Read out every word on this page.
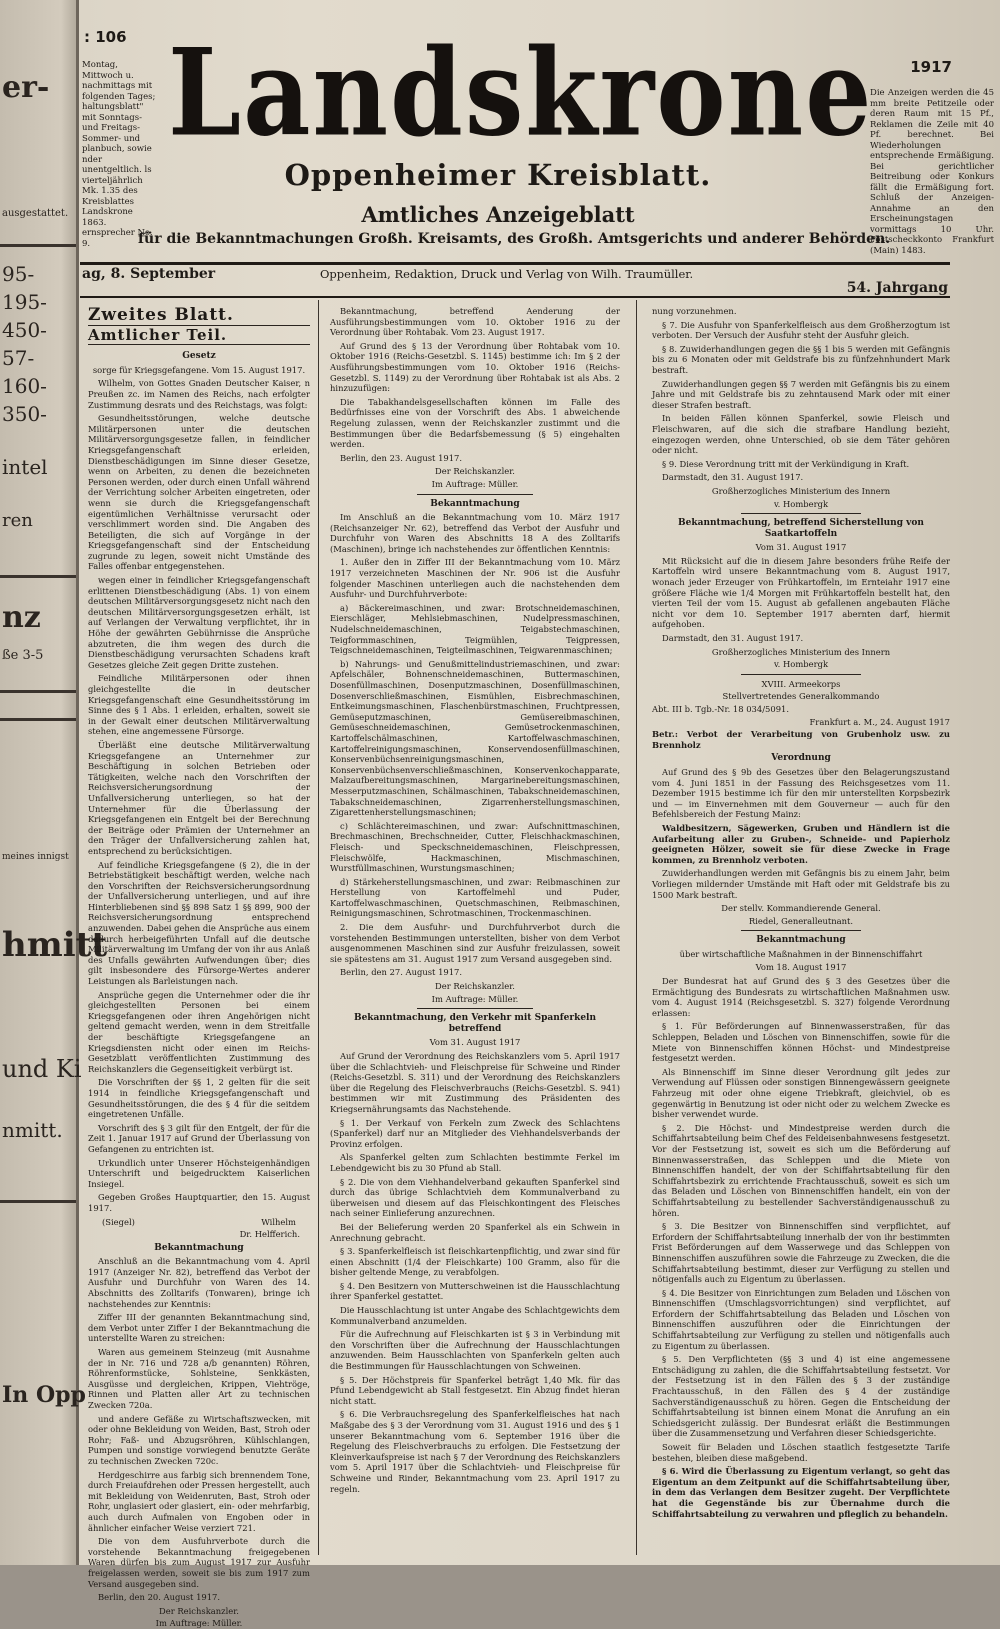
er-
ausgestattet.
95-
195-
450-
57-
160-
350-
intel
ren
nz
ße 3-5
meines innigst
hmitt
und Ki
nmitt.
In Opp
: 106
Montag, Mittwoch u. nachmittags mit folgenden Tages; haltungsblatt" mit Sonntags- und Freitags-Sommer- und planbuch, sowie nder unentgeltlich. ls vierteljährlich Mk. 1.35 des Kreisblattes Landskrone 1863. ernsprecher No. 9.
1917
Die Anzeigen werden die 45 mm breite Petitzeile oder deren Raum mit 15 Pf., Reklamen die Zeile mit 40 Pf. berechnet. Bei Wiederholungen entsprechende Ermäßigung. Bei gerichtlicher Beitreibung oder Konkurs fällt die Ermäßigung fort. Schluß der Anzeigen-Annahme an den Erscheinungstagen vormittags 10 Uhr. Postscheckkonto Frankfurt (Main) 1483.
Landskrone
Oppenheimer Kreisblatt.
Amtliches Anzeigeblatt
für die Bekanntmachungen Großh. Kreisamts, des Großh. Amtsgerichts und anderer Behörden.
ag, 8. September	Oppenheim, Redaktion, Druck und Verlag von Wilh. Traumüller.
54. Jahrgang
Zweites Blatt.
Amtlicher Teil.
Gesetz
sorge für Kriegsgefangene. Vom 15. August 1917.

Wilhelm, von Gottes Gnaden Deutscher Kaiser, n Preußen zc. im Namen des Reichs, nach erfolgter Zustimmung desrats und des Reichstags, was folgt:

Gesundheitsstörungen, welche deutsche Militärpersonen unter die deutschen Militärversorgungsgesetze fallen, in feindlicher Kriegsgefangenschaft erleiden, Dienstbeschädigungen im Sinne dieser Gesetze, wenn on Arbeiten, zu denen die bezeichneten Personen werden, oder durch einen Unfall während der Verrichtung solcher Arbeiten eingetreten, oder wenn sie durch die Kriegsgefangenschaft eigentümlichen Verhältnisse verursacht oder verschlimmert worden sind. Die Angaben des Beteiligten, die sich auf Vorgänge in der Kriegsgefangenschaft sind der Entscheidung zugrunde zu legen, soweit nicht Umstände des Falles offenbar entgegenstehen.

wegen einer in feindlicher Kriegsgefangenschaft erlittenen Dienstbeschädigung (Abs. 1) von einem deutschen Militärversorgungsgesetz nicht nach den deutschen Militärversorgungsgesetzen erhält, ist auf Verlangen der Verwaltung verpflichtet, ihr in Höhe der gewährten Gebührnisse die Ansprüche abzutreten, die ihm wegen des durch die Dienstbeschädigung verursachten Schadens kraft Gesetzes gleiche Zeit gegen Dritte zustehen.

Feindliche Militärpersonen oder ihnen gleichgestellte die in deutscher Kriegsgefangenschaft eine Gesundheitsstörung im Sinne des § 1 Abs. 1 erleiden, erhalten, soweit sie in der Gewalt einer deutschen Militärverwaltung stehen, eine angemessene Fürsorge.

Überläßt eine deutsche Militärverwaltung Kriegsgefangene an Unternehmer zur Beschäftigung in solchen Betrieben oder Tätigkeiten, welche nach den Vorschriften der Reichsversicherungsordnung der Unfallversicherung unterliegen, so hat der Unternehmer für die Überlassung der Kriegsgefangenen ein Entgelt bei der Berechnung der Beiträge oder Prämien der Unternehmer an den Träger der Unfallversicherung zahlen hat, entsprechend zu berücksichtigen.

Auf feindliche Kriegsgefangene (§ 2), die in der Betriebstätigkeit beschäftigt werden, welche nach den Vorschriften der Reichsversicherungsordnung der Unfallversicherung unterliegen, und auf ihre Hinterbliebenen sind §§ 898 Satz 1 §§ 899, 900 der Reichsversicherungsordnung entsprechend anzuwenden. Dabei gehen die Ansprüche aus einem dadurch herbeigeführten Unfall auf die deutsche Militärverwaltung im Umfang der von ihr aus Anlaß des Unfalls gewährten Aufwendungen über; dies gilt insbesondere des Fürsorge-Wertes anderer Leistungen als Barleistungen nach.

Ansprüche gegen die Unternehmer oder die ihr gleichgestellten Personen bei einem Kriegsgefangenen oder ihren Angehörigen nicht geltend gemacht werden, wenn in dem Streitfalle der beschäftigte Kriegsgefangene an Kriegsdiensten nicht oder einen im Reichs-Gesetzblatt veröffentlichten Zustimmung des Reichskanzlers die Gegenseitigkeit verbürgt ist.

Die Vorschriften der §§ 1, 2 gelten für die seit 1914 in feindliche Kriegsgefangenschaft und Gesundheitsstörungen, die des § 4 für die seitdem eingetretenen Unfälle.

Vorschrift des § 3 gilt für den Entgelt, der für die Zeit 1. Januar 1917 auf Grund der Überlassung von Gefangenen zu entrichten ist.

Urkundlich unter Unserer Höchsteigenhändigen Unterschrift und beigedrucktem Kaiserlichen Insiegel.

Gegeben Großes Hauptquartier, den 15. August 1917.

(Siegel)	Wilhelm
Dr. Helfferich.
Bekanntmachung

Anschluß an die Bekanntmachung vom 4. April 1917 (Anzeiger Nr. 82), betreffend das Verbot der Ausfuhr und Durchfuhr von Waren des 14. Abschnitts des Zolltarifs (Tonwaren), bringe ich nachstehendes zur Kenntnis:

Ziffer III der genannten Bekanntmachung sind, dem Verbot unter Ziffer I der Bekanntmachung die unterstellte Waren zu streichen:

Waren aus gemeinem Steinzeug (mit Ausnahme der in Nr. 716 und 728 a/b genannten) Röhren, Röhrenformstücke, Sohlsteine, Senkkästen, Ausgüsse und dergleichen, Krippen, Viehtröge, Rinnen und Platten aller Art zu technischen Zwecken 720a.

und andere Gefäße zu Wirtschaftszwecken, mit oder ohne Bekleidung von Weiden, Bast, Stroh oder Rohr; Faß- und Abzugsröhren, Kühlschlangen, Pumpen und sonstige vorwiegend benutzte Geräte zu technischen Zwecken 720c.

Herdgeschirre aus farbig sich brennendem Tone, durch Freiaufdrehen oder Pressen hergestellt, auch mit Bekleidung von Weidenruten, Bast, Stroh oder Rohr, unglasiert oder glasiert, ein- oder mehrfarbig, auch durch Aufmalen von Engoben oder in ähnlicher einfacher Weise verziert 721.

Die von dem Ausfuhrverbote durch die vorstehende Bekanntmachung freigegebenen Waren dürfen bis zum August 1917 zur Ausfuhr freigelassen werden, soweit sie bis zum 1917 zum Versand ausgegeben sind.

Berlin, den 20. August 1917.

Der Reichskanzler.
Im Auftrage: Müller.

Bekanntmachung, betreffend Aenderung der Ausführungsbestimmungen vom 10. Oktober 1916 zu der Verordnung über Rohtabak. Vom 23. August 1917.

Auf Grund des § 13 der Verordnung über Rohtabak vom 10. Oktober 1916 (Reichs-Gesetzbl. S. 1145) bestimme ich: Im § 2 der Ausführungsbestimmungen vom 10. Oktober 1916 (Reichs-Gesetzbl. S. 1149) zu der Verordnung über Rohtabak ist als Abs. 2 hinzuzufügen:

Die Tabakhandelsgesellschaften können im Falle des Bedürfnisses eine von der Vorschrift des Abs. 1 abweichende Regelung zulassen, wenn der Reichskanzler zustimmt und die Bestimmungen über die Bedarfsbemessung (§ 5) eingehalten werden.

Berlin, den 23. August 1917.

Der Reichskanzler.
Im Auftrage: Müller.
Bekanntmachung

Im Anschluß an die Bekanntmachung vom 10. März 1917 (Reichsanzeiger Nr. 62), betreffend das Verbot der Ausfuhr und Durchfuhr von Waren des Abschnitts 18 A des Zolltarifs (Maschinen), bringe ich nachstehendes zur öffentlichen Kenntnis:

1. Außer den in Ziffer III der Bekanntmachung vom 10. März 1917 verzeichneten Maschinen der Nr. 906 ist die Ausfuhr folgender Maschinen unterliegen auch die nachstehenden dem Ausfuhr- und Durchfuhrverbote:

a) Bäckereimaschinen, und zwar: Brotschneidemaschinen, Eierschläger, Mehlsiebmaschinen, Nudelpressmaschinen, Nudelschneidemaschinen, Teigabstechmaschinen, Teigformmaschinen, Teigmühlen, Teigpressen, Teigschneidemaschinen, Teigteilmaschinen, Teigwarenmaschinen;

b) Nahrungs- und Genußmittelindustriemaschinen, und zwar: Apfelschäler, Bohnenschneidemaschinen, Buttermaschinen, Dosenfüllmaschinen, Dosenputzmaschinen, Dosenfüllmaschinen, Dosenverschließmaschinen, Eismühlen, Eisbrechmaschinen, Entkeimungsmaschinen, Flaschenbürstmaschinen, Fruchtpressen, Gemüseputzmaschinen, Gemüsereibmaschinen, Gemüseschneidemaschinen, Gemüsetrockenmaschinen, Kartoffelschälmaschinen, Kartoffelwaschmaschinen, Kartoffelreinigungsmaschinen, Konservendosenfüllmaschinen, Konservenbüchsenreinigungsmaschinen, Konservenbüchsenverschließmaschinen, Konservenkochapparate, Malzaufbereitungsmaschinen, Margarinebereitungsmaschinen, Messerputzmaschinen, Schälmaschinen, Tabakschneidemaschinen, Tabakschneidemaschinen, Zigarrenherstellungsmaschinen, Zigarettenherstellungsmaschinen;

c) Schlächtereimaschinen, und zwar: Aufschnittmaschinen, Brechmaschinen, Brechschneider, Cutter, Fleischhackmaschinen, Fleisch- und Speckschneidemaschinen, Fleischpressen, Fleischwölfe, Hackmaschinen, Mischmaschinen, Wurstfüllmaschinen, Wurstungsmaschinen;

d) Stärkeherstellungsmaschinen, und zwar: Reibmaschinen zur Herstellung von Kartoffelmehl und Puder, Kartoffelwaschmaschinen, Quetschmaschinen, Reibmaschinen, Reinigungsmaschinen, Schrotmaschinen, Trockenmaschinen.

2. Die dem Ausfuhr- und Durchfuhrverbot durch die vorstehenden Bestimmungen unterstellten, bisher von dem Verbot ausgenommenen Maschinen sind zur Ausfuhr freizulassen, soweit sie spätestens am 31. August 1917 zum Versand ausgegeben sind.

Berlin, den 27. August 1917.

Der Reichskanzler.
Im Auftrage: Müller.
Bekanntmachung, den Verkehr mit Spanferkeln betreffend
Vom 31. August 1917

Auf Grund der Verordnung des Reichskanzlers vom 5. April 1917 über die Schlachtvieh- und Fleischpreise für Schweine und Rinder (Reichs-Gesetzbl. S. 311) und der Verordnung des Reichskanzlers über die Regelung des Fleischverbrauchs (Reichs-Gesetzbl. S. 941) bestimmen wir mit Zustimmung des Präsidenten des Kriegsernährungsamts das Nachstehende.

§ 1. Der Verkauf von Ferkeln zum Zweck des Schlachtens (Spanferkel) darf nur an Mitglieder des Viehhandelsverbands der Provinz erfolgen.

Als Spanferkel gelten zum Schlachten bestimmte Ferkel im Lebendgewicht bis zu 30 Pfund ab Stall.

§ 2. Die von dem Viehhandelverband gekauften Spanferkel sind durch das übrige Schlachtvieh dem Kommunalverband zu überweisen und diesem auf das Fleischkontingent des Fleisches nach seiner Einlieferung anzurechnen.

Bei der Belieferung werden 20 Spanferkel als ein Schwein in Anrechnung gebracht.

§ 3. Spanferkelfleisch ist fleischkartenpflichtig, und zwar sind für einen Abschnitt (1/4 der Fleischkarte) 100 Gramm, also für die bisher geltende Menge, zu verabfolgen.

§ 4. Den Besitzern von Mutterschweinen ist die Hausschlachtung ihrer Spanferkel gestattet.

Die Hausschlachtung ist unter Angabe des Schlachtgewichts dem Kommunalverband anzumelden.

Für die Aufrechnung auf Fleischkarten ist § 3 in Verbindung mit den Vorschriften über die Aufrechnung der Hausschlachtungen anzuwenden. Beim Hausschlachten von Spanferkeln gelten auch die Bestimmungen für Hausschlachtungen von Schweinen.

§ 5. Der Höchstpreis für Spanferkel beträgt 1,40 Mk. für das Pfund Lebendgewicht ab Stall festgesetzt. Ein Abzug findet hieran nicht statt.

§ 6. Die Verbrauchsregelung des Spanferkelfleisches hat nach Maßgabe des § 3 der Verordnung vom 31. August 1916 und des § 1 unserer Bekanntmachung vom 6. September 1916 über die Regelung des Fleischverbrauchs zu erfolgen. Die Festsetzung der Kleinverkaufspreise ist nach § 7 der Verordnung des Reichskanzlers vom 5. April 1917 über die Schlachtvieh- und Fleischpreise für Schweine und Rinder, Bekanntmachung vom 23. April 1917 zu regeln.

nung vorzunehmen.

§ 7. Die Ausfuhr von Spanferkelfleisch aus dem Großherzogtum ist verboten. Der Versuch der Ausfuhr steht der Ausfuhr gleich.

§ 8. Zuwiderhandlungen gegen die §§ 1 bis 5 werden mit Gefängnis bis zu 6 Monaten oder mit Geldstrafe bis zu fünfzehnhundert Mark bestraft.

Zuwiderhandlungen gegen §§ 7 werden mit Gefängnis bis zu einem Jahre und mit Geldstrafe bis zu zehntausend Mark oder mit einer dieser Strafen bestraft.

In beiden Fällen können Spanferkel, sowie Fleisch und Fleischwaren, auf die sich die strafbare Handlung bezieht, eingezogen werden, ohne Unterschied, ob sie dem Täter gehören oder nicht.

§ 9. Diese Verordnung tritt mit der Verkündigung in Kraft.

Darmstadt, den 31. August 1917.

Großherzogliches Ministerium des Innern
v. Hombergk
Bekanntmachung, betreffend Sicherstellung von Saatkartoffeln
Vom 31. August 1917

Mit Rücksicht auf die in diesem Jahre besonders frühe Reife der Kartoffeln wird unsere Bekanntmachung vom 8. August 1917, wonach jeder Erzeuger von Frühkartoffeln, im Ernteiahr 1917 eine größere Fläche wie 1/4 Morgen mit Frühkartoffeln bestellt hat, den vierten Teil der vom 15. August ab gefallenen angebauten Fläche nicht vor dem 10. September 1917 abernten darf, hiermit aufgehoben.

Darmstadt, den 31. August 1917.

Großherzogliches Ministerium des Innern
v. Hombergk
XVIII. Armeekorps
Stellvertretendes Generalkommando
Abt. III b. Tgb.-Nr. 18 034/5091.
Frankfurt a. M., 24. August 1917

Betr.: Verbot der Verarbeitung von Grubenholz usw. zu Brennholz

Verordnung

Auf Grund des § 9b des Gesetzes über den Belagerungszustand vom 4. Juni 1851 in der Fassung des Reichsgesetzes vom 11. Dezember 1915 bestimme ich für den mir unterstellten Korpsbezirk und — im Einvernehmen mit dem Gouverneur — auch für den Befehlsbereich der Festung Mainz:

Waldbesitzern, Sägewerken, Gruben und Händlern ist die Aufarbeitung aller zu Gruben-, Schneide- und Papierholz geeigneten Hölzer, soweit sie für diese Zwecke in Frage kommen, zu Brennholz verboten.

Zuwiderhandlungen werden mit Gefängnis bis zu einem Jahr, beim Vorliegen mildernder Umstände mit Haft oder mit Geldstrafe bis zu 1500 Mark bestraft.

Der stellv. Kommandierende General.
Riedel, Generalleutnant.
Bekanntmachung
über wirtschaftliche Maßnahmen in der Binnenschiffahrt
Vom 18. August 1917

Der Bundesrat hat auf Grund des § 3 des Gesetzes über die Ermächtigung des Bundesrats zu wirtschaftlichen Maßnahmen usw. vom 4. August 1914 (Reichsgesetzbl. S. 327) folgende Verordnung erlassen:

§ 1. Für Beförderungen auf Binnenwasserstraßen, für das Schleppen, Beladen und Löschen von Binnenschiffen, sowie für die Miete von Binnenschiffen können Höchst- und Mindestpreise festgesetzt werden.

Als Binnenschiff im Sinne dieser Verordnung gilt jedes zur Verwendung auf Flüssen oder sonstigen Binnengewässern geeignete Fahrzeug mit oder ohne eigene Triebkraft, gleichviel, ob es gegenwärtig in Benutzung ist oder nicht oder zu welchem Zwecke es bisher verwendet wurde.

§ 2. Die Höchst- und Mindestpreise werden durch die Schiffahrtsabteilung beim Chef des Feldeisenbahnwesens festgesetzt. Vor der Festsetzung ist, soweit es sich um die Beförderung auf Binnenwasserstraßen, das Schleppen und die Miete von Binnenschiffen handelt, der von der Schiffahrtsabteilung für den Schiffahrtsbezirk zu errichtende Frachtausschuß, soweit es sich um das Beladen und Löschen von Binnenschiffen handelt, ein von der Schiffahrtsabteilung zu bestellender Sachverständigenausschuß zu hören.

§ 3. Die Besitzer von Binnenschiffen sind verpflichtet, auf Erfordern der Schiffahrtsabteilung innerhalb der von ihr bestimmten Frist Beförderungen auf dem Wasserwege und das Schleppen von Binnenschiffen auszuführen sowie die Fahrzeuge zu Zwecken, die die Schiffahrtsabteilung bestimmt, dieser zur Verfügung zu stellen und nötigenfalls auch zu Eigentum zu überlassen.

§ 4. Die Besitzer von Einrichtungen zum Beladen und Löschen von Binnenschiffen (Umschlagsvorrichtungen) sind verpflichtet, auf Erfordern der Schiffahrtsabteilung das Beladen und Löschen von Binnenschiffen auszuführen oder die Einrichtungen der Schiffahrtsabteilung zur Verfügung zu stellen und nötigenfalls auch zu Eigentum zu überlassen.

§ 5. Den Verpflichteten (§§ 3 und 4) ist eine angemessene Entschädigung zu zahlen, die die Schiffahrtsabteilung festsetzt. Vor der Festsetzung ist in den Fällen des § 3 der zuständige Frachtausschuß, in den Fällen des § 4 der zuständige Sachverständigenausschuß zu hören. Gegen die Entscheidung der Schiffahrtsabteilung ist binnen einem Monat die Anrufung an ein Schiedsgericht zulässig. Der Bundesrat erläßt die Bestimmungen über die Zusammensetzung und Verfahren dieser Schiedsgerichte.

Soweit für Beladen und Löschen staatlich festgesetzte Tarife bestehen, bleiben diese maßgebend.

§ 6. Wird die Überlassung zu Eigentum verlangt, so geht das Eigentum an dem Zeitpunkt auf die Schiffahrtsabteilung über, in dem das Verlangen dem Besitzer zugeht. Der Verpflichtete hat die Gegenstände bis zur Übernahme durch die Schiffahrtsabteilung zu verwahren und pfleglich zu behandeln.
